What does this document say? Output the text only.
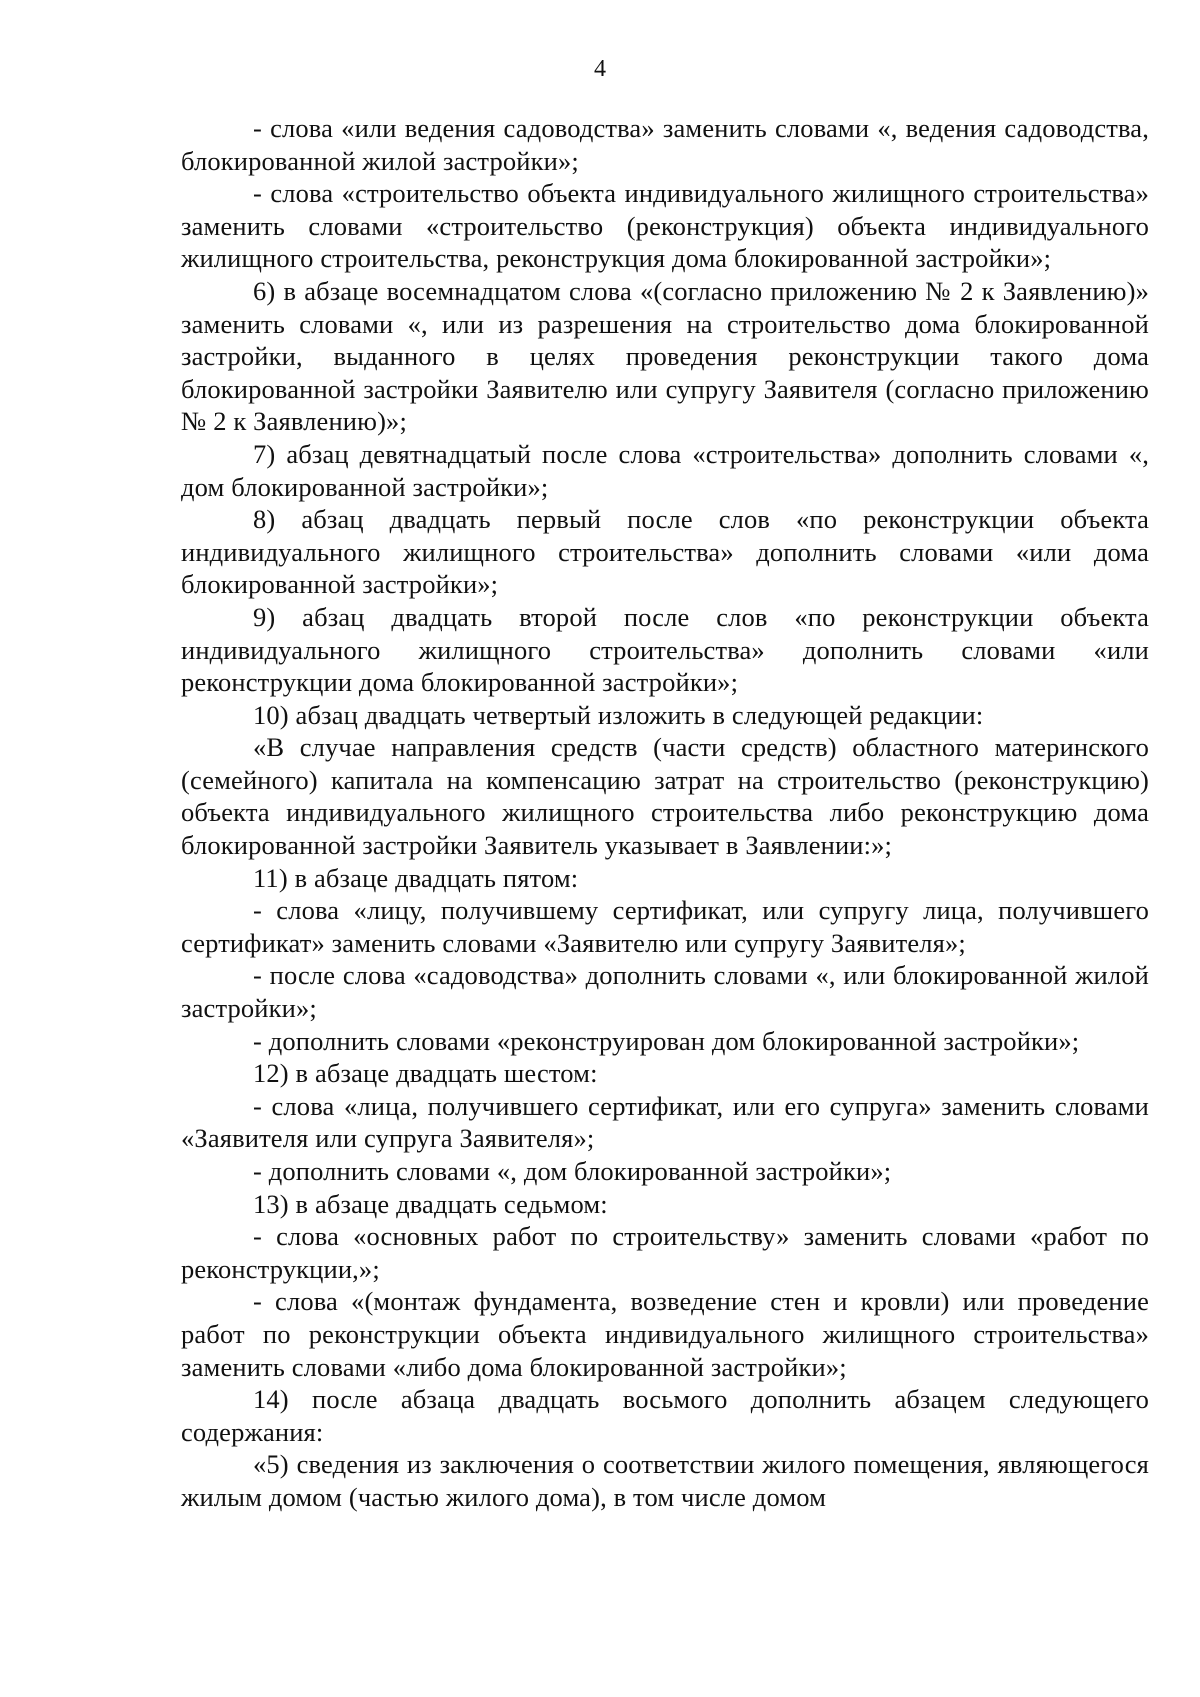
4

- слова «или ведения садоводства» заменить словами «, ведения садоводства, блокированной жилой застройки»;

- слова «строительство объекта индивидуального жилищного строительства» заменить словами «строительство (реконструкция) объекта индивидуального жилищного строительства, реконструкция дома блокированной застройки»;

6) в абзаце восемнадцатом слова «(согласно приложению № 2 к Заявлению)» заменить словами «, или из разрешения на строительство дома блокированной застройки, выданного в целях проведения реконструкции такого дома блокированной застройки Заявителю или супругу Заявителя (согласно приложению № 2 к Заявлению)»;

7) абзац девятнадцатый после слова «строительства» дополнить словами «, дом блокированной застройки»;

8) абзац двадцать первый после слов «по реконструкции объекта индивидуального жилищного строительства» дополнить словами «или дома блокированной застройки»;

9) абзац двадцать второй после слов «по реконструкции объекта индивидуального жилищного строительства» дополнить словами «или реконструкции дома блокированной застройки»;

10) абзац двадцать четвертый изложить в следующей редакции:

«В случае направления средств (части средств) областного материнского (семейного) капитала на компенсацию затрат на строительство (реконструкцию) объекта индивидуального жилищного строительства либо реконструкцию дома блокированной застройки Заявитель указывает в Заявлении:»;

11) в абзаце двадцать пятом:

- слова «лицу, получившему сертификат, или супругу лица, получившего сертификат» заменить словами «Заявителю или супругу Заявителя»;

- после слова «садоводства» дополнить словами «, или блокированной жилой застройки»;

- дополнить словами «реконструирован дом блокированной застройки»;

12) в абзаце двадцать шестом:

- слова «лица, получившего сертификат, или его супруга» заменить словами «Заявителя или супруга Заявителя»;

- дополнить словами «, дом блокированной застройки»;

13) в абзаце двадцать седьмом:

- слова «основных работ по строительству» заменить словами «работ по реконструкции,»;

- слова «(монтаж фундамента, возведение стен и кровли) или проведение работ по реконструкции объекта индивидуального жилищного строительства» заменить словами «либо дома блокированной застройки»;

14) после абзаца двадцать восьмого дополнить абзацем следующего содержания:

«5) сведения из заключения о соответствии жилого помещения, являющегося жилым домом (частью жилого дома), в том числе домом
